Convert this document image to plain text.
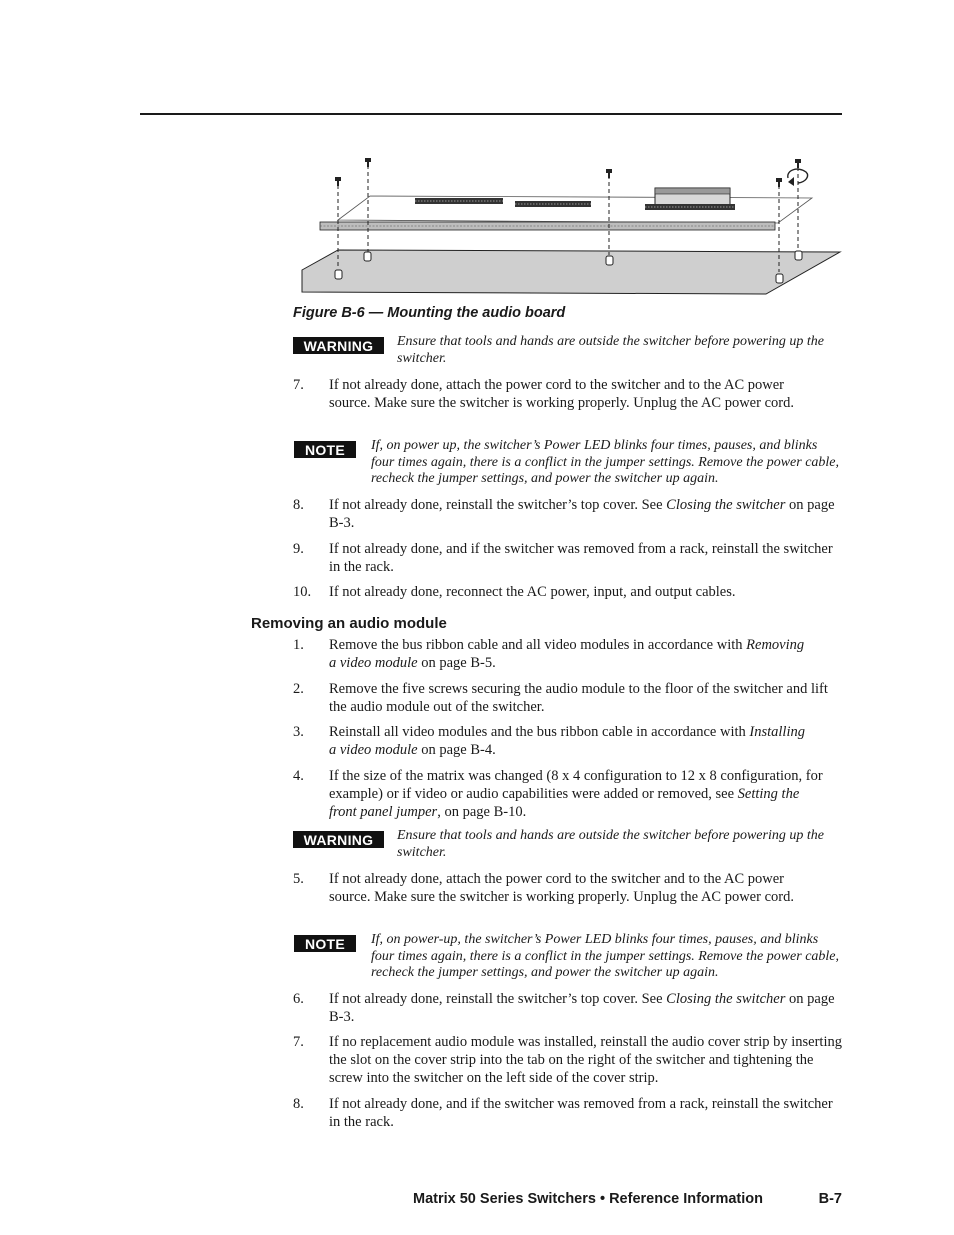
Figure B-6 — Mounting the audio board
WARNING	Ensure that tools and hands are outside the switcher before powering up the switcher.
7. If not already done, attach the power cord to the switcher and to the AC power source. Make sure the switcher is working properly. Unplug the AC power cord.
NOTE	If, on power up, the switcher’s Power LED blinks four times, pauses, and blinks four times again, there is a conflict in the jumper settings. Remove the power cable, recheck the jumper settings, and power the switcher up again.
8. If not already done, reinstall the switcher’s top cover. See Closing the switcher on page B-3.
9. If not already done, and if the switcher was removed from a rack, reinstall the switcher in the rack.
10. If not already done, reconnect the AC power, input, and output cables.
Removing an audio module
1. Remove the bus ribbon cable and all video modules in accordance with Removing a video module on page B-5.
2. Remove the five screws securing the audio module to the floor of the switcher and lift the audio module out of the switcher.
3. Reinstall all video modules and the bus ribbon cable in accordance with Installing a video module on page B-4.
4. If the size of the matrix was changed (8 x 4 configuration to 12 x 8 configuration, for example) or if video or audio capabilities were added or removed, see Setting the front panel jumper, on page B-10.
WARNING	Ensure that tools and hands are outside the switcher before powering up the switcher.
5. If not already done, attach the power cord to the switcher and to the AC power source. Make sure the switcher is working properly. Unplug the AC power cord.
NOTE	If, on power-up, the switcher’s Power LED blinks four times, pauses, and blinks four times again, there is a conflict in the jumper settings. Remove the power cable, recheck the jumper settings, and power the switcher up again.
6. If not already done, reinstall the switcher’s top cover. See Closing the switcher on page B-3.
7. If no replacement audio module was installed, reinstall the audio cover strip by inserting the slot on the cover strip into the tab on the right of the switcher and tightening the screw into the switcher on the left side of the cover strip.
8. If not already done, and if the switcher was removed from a rack, reinstall the switcher in the rack.
Matrix 50 Series Switchers • Reference Information	B-7
